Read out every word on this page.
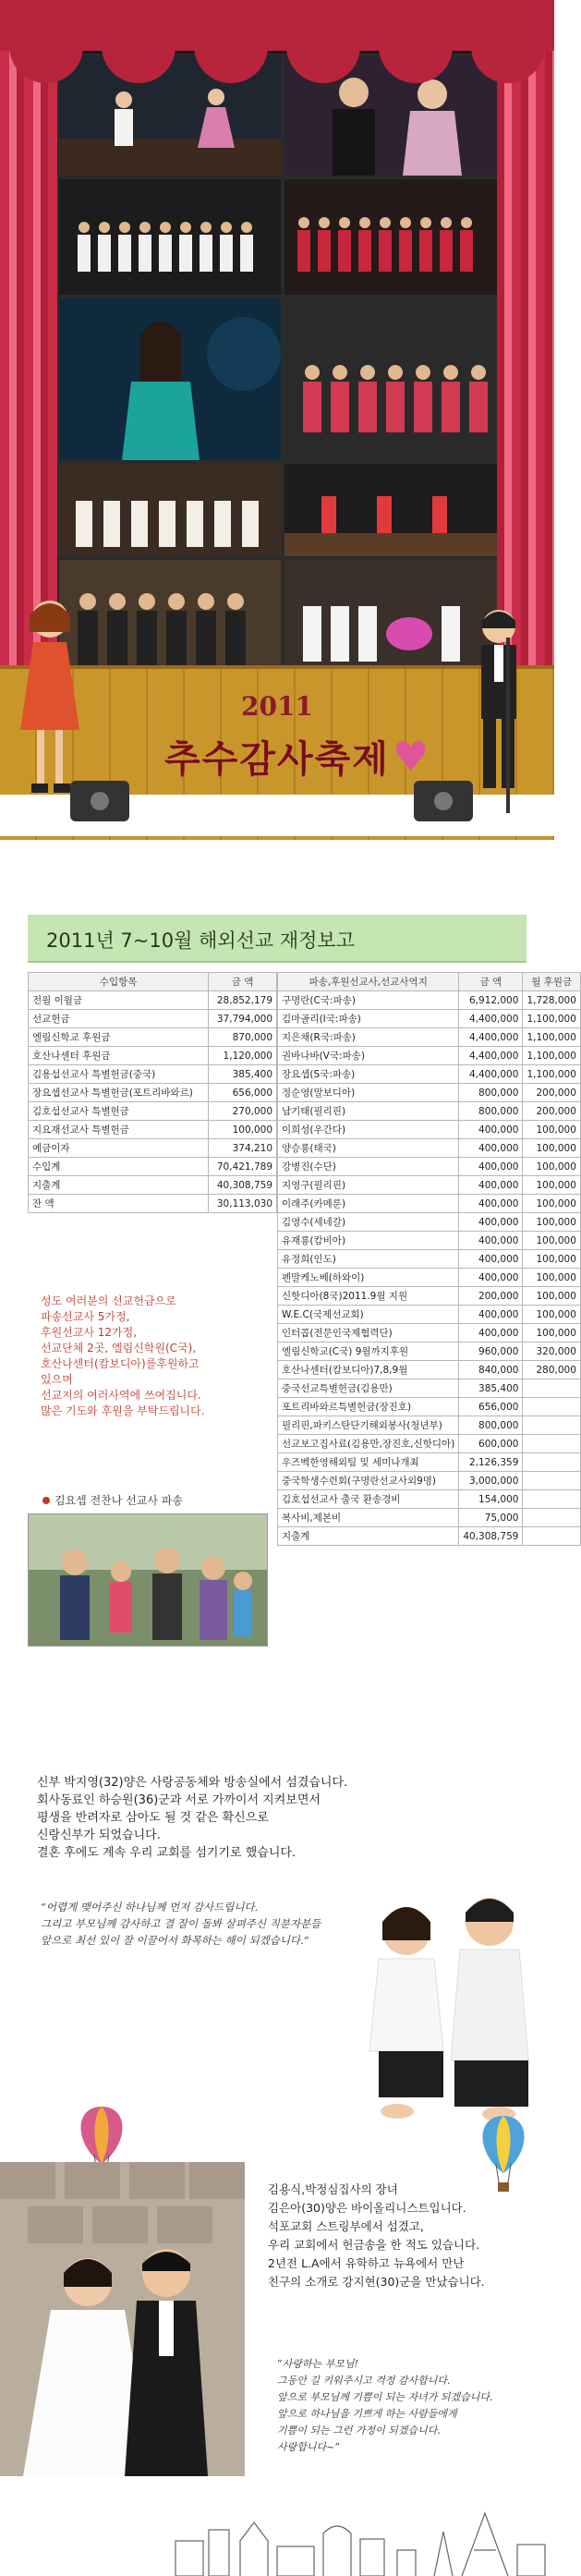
2011
추수감사축제 ♥
2011년 7~10월 해외선교 재정보고
수입항목	금 액
전월 이월금	28,852,179
선교헌금	37,794,000
엘림신학교 후원금	870,000
호산나센터 후원금	1,120,000
김용섭선교사 특별헌금(중국)	385,400
장요셉선교사 특별헌금(포트리바와르)	656,000
김호섭선교사 특별헌금	270,000
지요재선교사 특별헌금	100,000
예금이자	374,210
수입계	70,421,789
지출계	40,308,759
잔 액	30,113,030
파송,후원선교사,선교사역지	금 액	월 후원금
구명란(C국:파송)	6,912,000	1,728,000
김마골리(I국:파송)	4,400,000	1,100,000
지은채(R국:파송)	4,400,000	1,100,000
권바나바(V국:파송)	4,400,000	1,100,000
장요셉(S국:파송)	4,400,000	1,100,000
정순영(말보디아)	800,000	200,000
남기태(필리핀)	800,000	200,000
이희성(우간다)	400,000	100,000
양승룡(태국)	400,000	100,000
강병진(수단)	400,000	100,000
지영구(필리핀)	400,000	100,000
이래주(카메룬)	400,000	100,000
김영수(세네갈)	400,000	100,000
유재룡(캄비아)	400,000	100,000
유정희(인도)	400,000	100,000
펜말케노베(하와이)	400,000	100,000
신핫디아(8국)2011.9월 지원	200,000	100,000
W.E.C(국제선교회)	400,000	100,000
인터콥(전문인국제협력단)	400,000	100,000
엘림신학교(C국) 9월까지후원	960,000	320,000
호산나센터(캄보디아)7,8,9월	840,000	280,000
중국선교특별헌금(김용만)	385,400	
포트리바와르특별헌금(장진호)	656,000	
필리핀,파키스탄단기해외봉사(청년부)	800,000	
선교보고집사료(김용만,장진호,신핫디아)	600,000	
우즈벡한영해외팀 및 세미나개최	2,126,359	
중국학생수련회(구명란선교사외9명)	3,000,000	
김호섭선교사 출국 환송경비	154,000	
복사비,제본비	75,000	
지출계	40,308,759	
성도 여러분의 선교헌금으로
파송선교사 5가정,
후원선교사 12가정,
선교단체 2곳, 엘림신학원(C국),
호산나센터(캄보디아)를후원하고
있으며
선교지의 여러사역에 쓰여집니다.
많은 기도와 후원을 부탁드립니다.
김요셉 전찬나 선교사 파송
신부 박지영(32)양은 사랑공동체와 방송실에서 섬겼습니다.
회사동료인 하승원(36)군과 서로 가까이서 지켜보면서
평생을 반려자로 삼아도 될 것 같은 확신으로
신랑신부가 되었습니다.
결혼 후에도 계속 우리 교회를 섬기기로 했습니다.
“어렵게 맺어주신 하나님께 먼저 감사드립니다.
그리고 부모님께 감사하고 결 잘이 돌봐 살펴주신 직분자분들
앞으로 최선 있이 잘 이끌어서 화목하는 해이 되겠습니다.”
김용식,박정심집사의 장녀
김은아(30)양은 바이올리니스트입니다.
석포교회 스트링부에서 섬겼고,
우리 교회에서 헌금송을 한 적도 있습니다.
2년전 L.A에서 유학하고 뉴욕에서 만난
친구의 소개로 강지현(30)군을 만났습니다.
“사랑하는 부모님!
그동안 길 키워주시고 걱정 감사합니다.
앞으로 부모님께 기쁨이 되는 자녀가 되겠습니다.
앞으로 하나님을 기쁘게 하는 사람들에게
기쁨이 되는 그런 가정이 되겠습니다.
사랑합니다~”
